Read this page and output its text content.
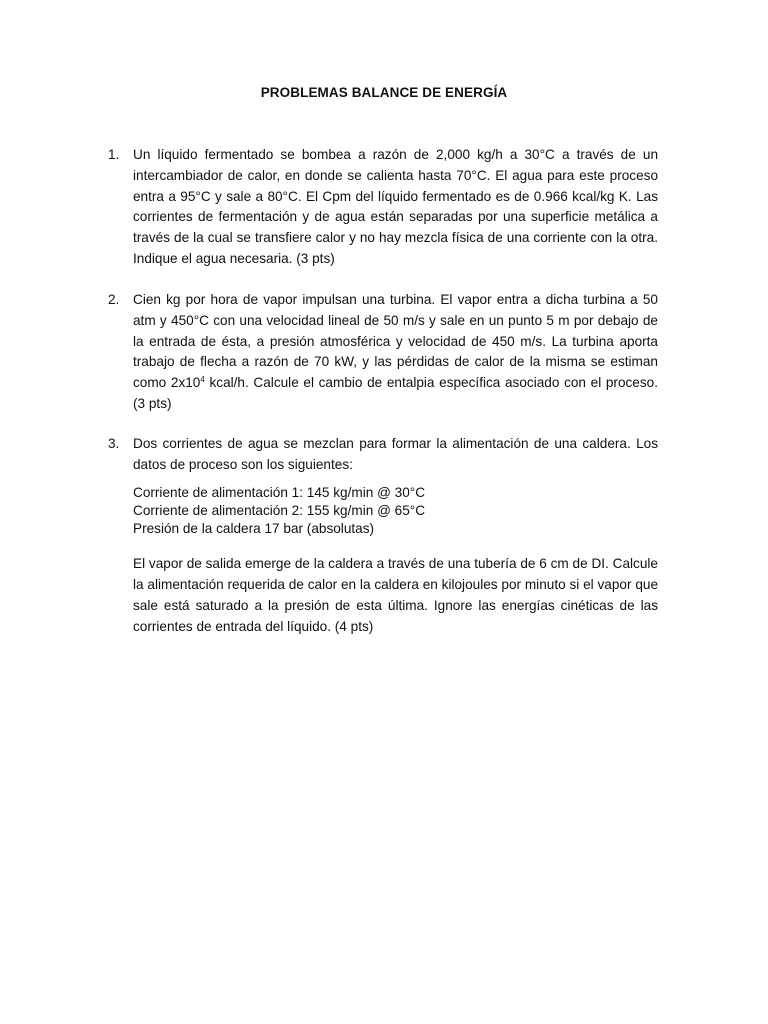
PROBLEMAS BALANCE DE ENERGÍA
1.	Un líquido fermentado se bombea a razón de 2,000 kg/h a 30°C a través de un intercambiador de calor, en donde se calienta hasta 70°C. El agua para este proceso entra a 95°C y sale a 80°C. El Cpm del líquido fermentado es de 0.966 kcal/kg K. Las corrientes de fermentación y de agua están separadas por una superficie metálica a través de la cual se transfiere calor y no hay mezcla física de una corriente con la otra. Indique el agua necesaria. (3 pts)
2.	Cien kg por hora de vapor impulsan una turbina. El vapor entra a dicha turbina a 50 atm y 450°C con una velocidad lineal de 50 m/s y sale en un punto 5 m por debajo de la entrada de ésta, a presión atmosférica y velocidad de 450 m/s. La turbina aporta trabajo de flecha a razón de 70 kW, y las pérdidas de calor de la misma se estiman como $2x10^4$ kcal/h. Calcule el cambio de entalpia específica asociado con el proceso. (3 pts)
3.	Dos corrientes de agua se mezclan para formar la alimentación de una caldera. Los datos de proceso son los siguientes:
Corriente de alimentación 1: 145 kg/min @ 30°C
Corriente de alimentación 2: 155 kg/min @ 65°C
Presión de la caldera 17 bar (absolutas)
El vapor de salida emerge de la caldera a través de una tubería de 6 cm de DI. Calcule la alimentación requerida de calor en la caldera en kilojoules por minuto si el vapor que sale está saturado a la presión de esta última. Ignore las energías cinéticas de las corrientes de entrada del líquido. (4 pts)
